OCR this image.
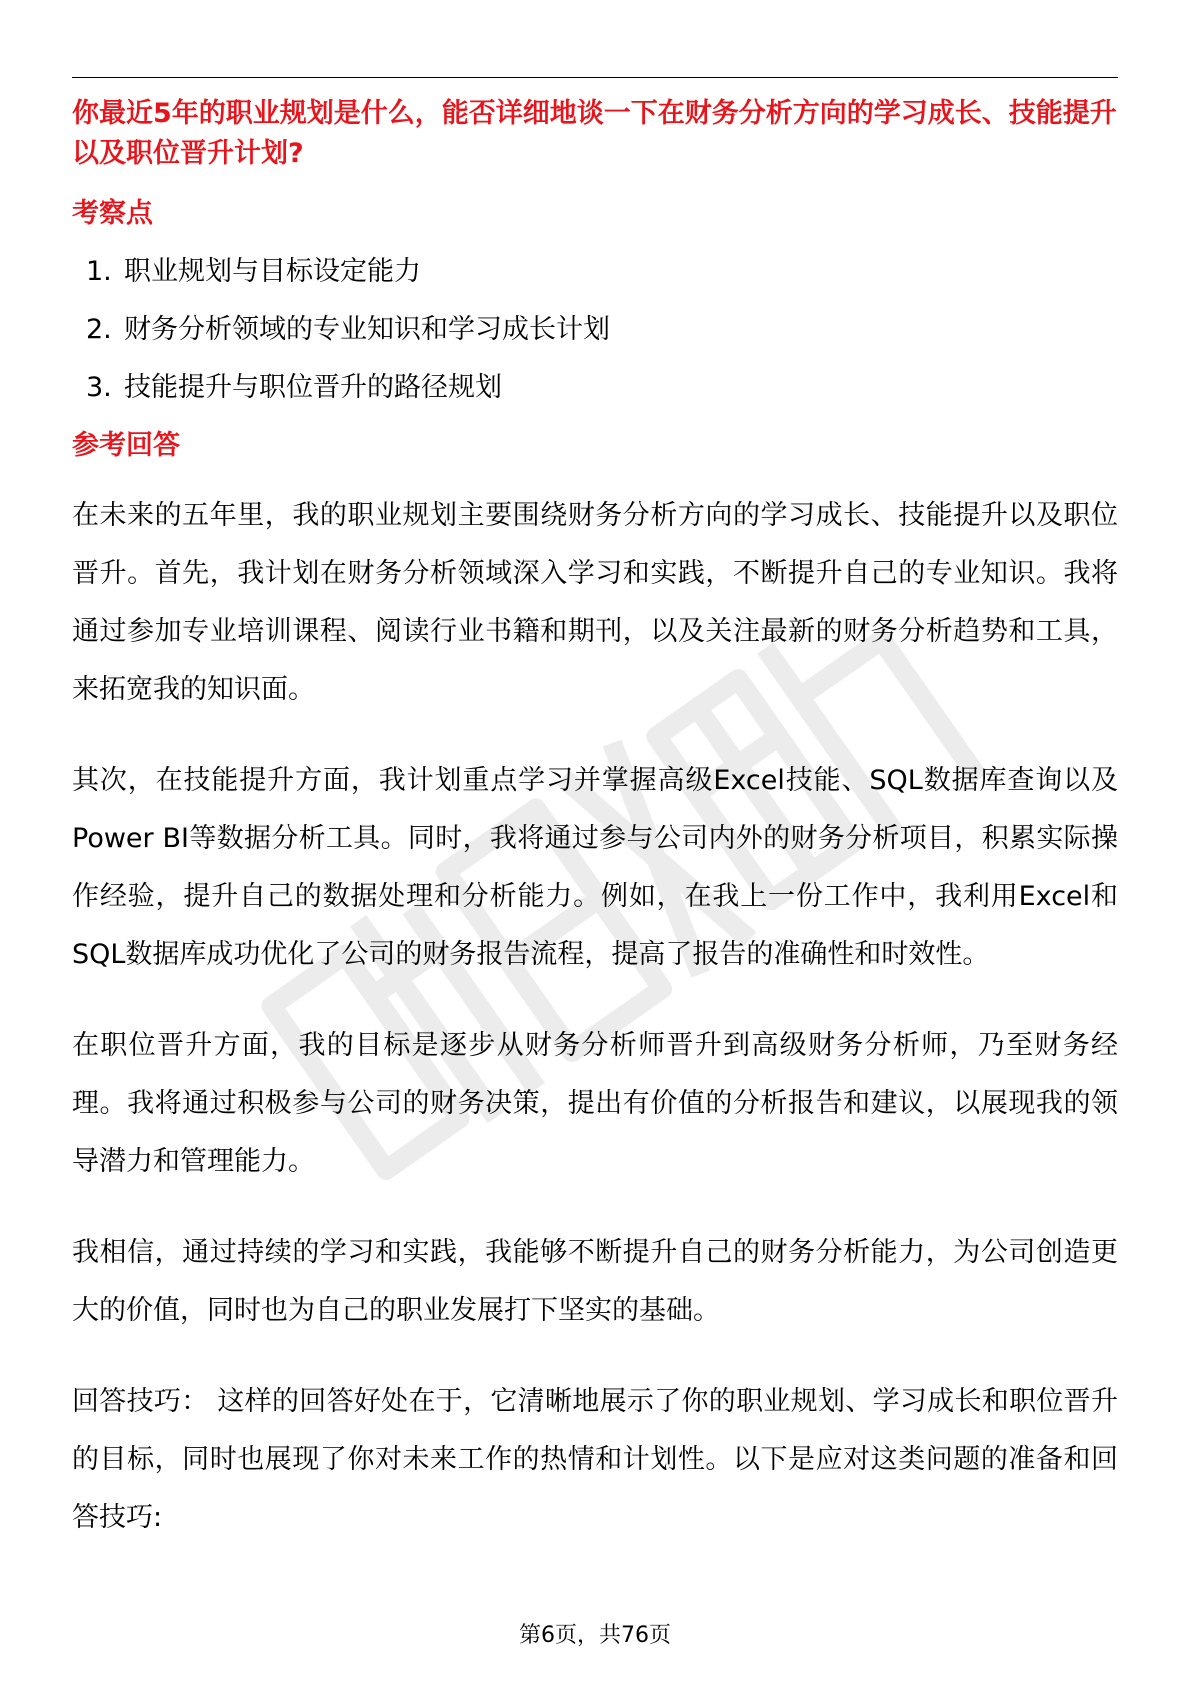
你最近5年的职业规划是什么，能否详细地谈一下在财务分析方向的学习成长、技能提升以及职位晋升计划?

考察点
1. 职业规划与目标设定能力
2. 财务分析领域的专业知识和学习成长计划
3. 技能提升与职位晋升的路径规划
参考回答

在未来的五年里，我的职业规划主要围绕财务分析方向的学习成长、技能提升以及职位晋升。首先，我计划在财务分析领域深入学习和实践，不断提升自己的专业知识。我将通过参加专业培训课程、阅读行业书籍和期刊，以及关注最新的财务分析趋势和工具，来拓宽我的知识面。

其次，在技能提升方面，我计划重点学习并掌握高级Excel技能、SQL数据库查询以及Power BI等数据分析工具。同时，我将通过参与公司内外的财务分析项目，积累实际操作经验，提升自己的数据处理和分析能力。例如，在我上一份工作中，我利用Excel和SQL数据库成功优化了公司的财务报告流程，提高了报告的准确性和时效性。

在职位晋升方面，我的目标是逐步从财务分析师晋升到高级财务分析师，乃至财务经理。我将通过积极参与公司的财务决策，提出有价值的分析报告和建议，以展现我的领导潜力和管理能力。

我相信，通过持续的学习和实践，我能够不断提升自己的财务分析能力，为公司创造更大的价值，同时也为自己的职业发展打下坚实的基础。

回答技巧： 这样的回答好处在于，它清晰地展示了你的职业规划、学习成长和职位晋升的目标，同时也展现了你对未来工作的热情和计划性。以下是应对这类问题的准备和回答技巧:

第6页，共76页
